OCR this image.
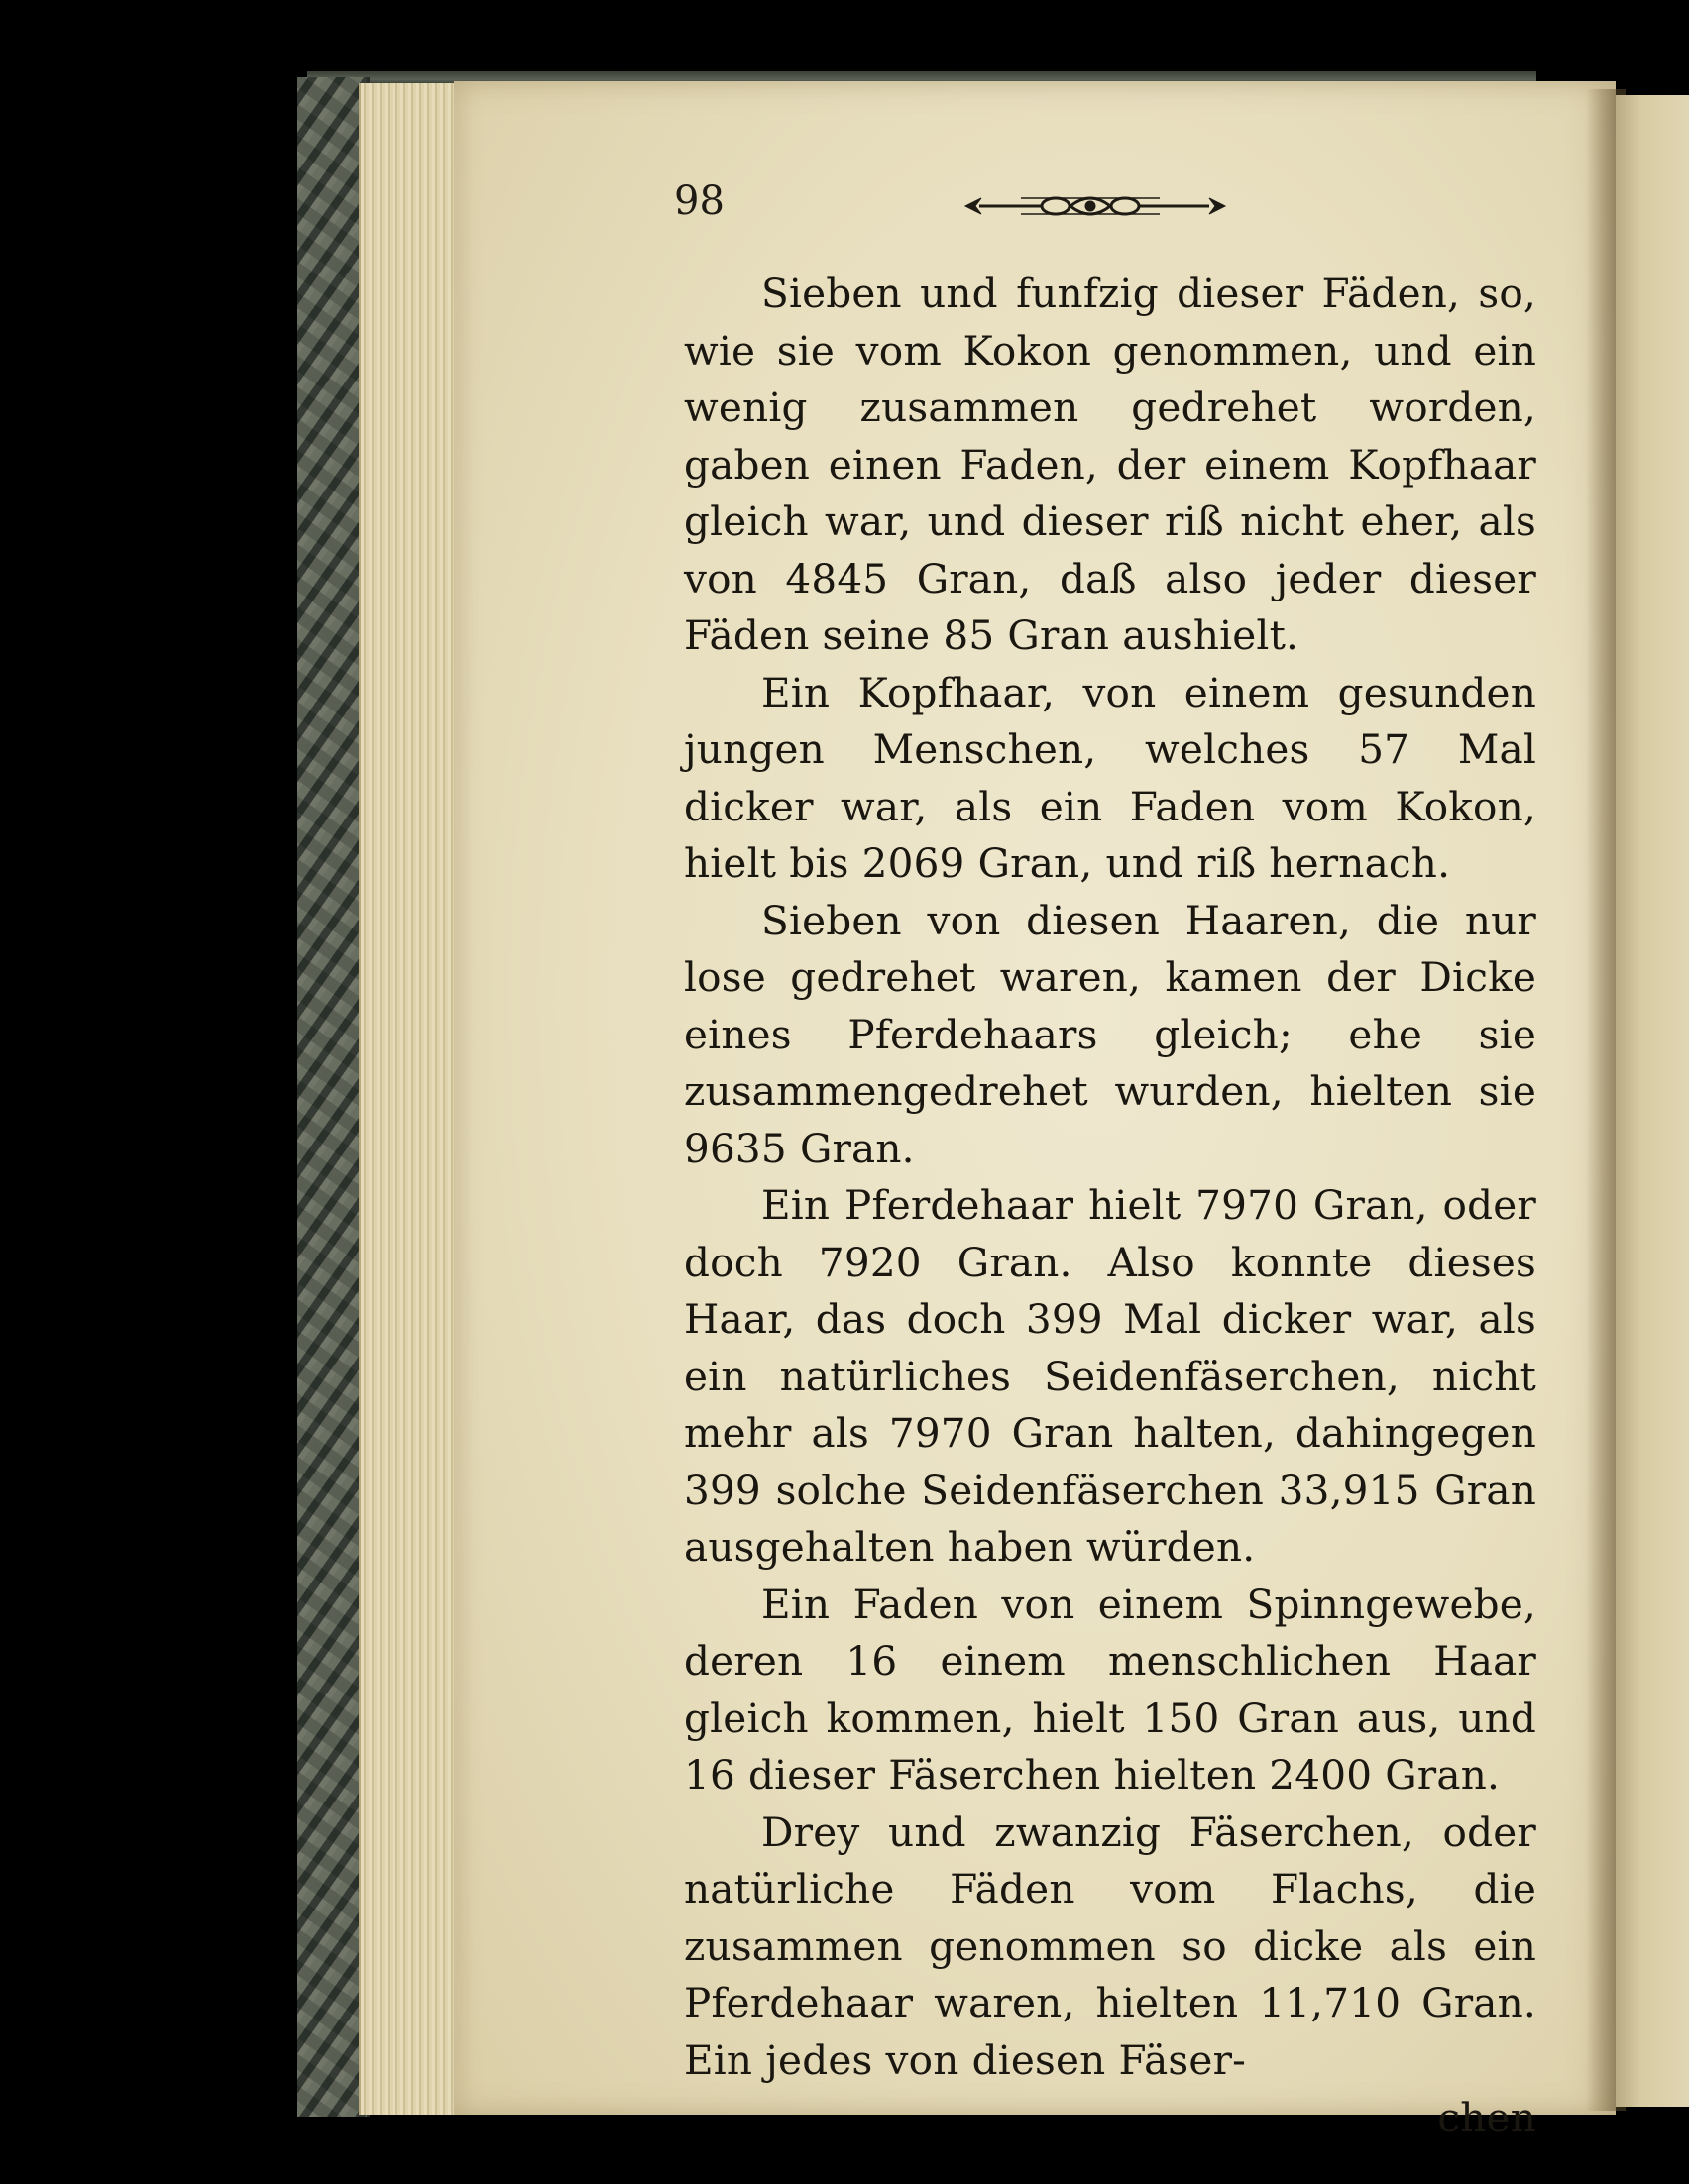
98

Sieben und funfzig dieser Fäden, so, wie sie vom Kokon genommen, und ein wenig zusammen gedrehet worden, gaben einen Faden, der einem Kopfhaar gleich war, und dieser riß nicht eher, als von 4845 Gran, daß also jeder dieser Fäden seine 85 Gran aushielt.

Ein Kopfhaar, von einem gesunden jungen Menschen, welches 57 Mal dicker war, als ein Faden vom Kokon, hielt bis 2069 Gran, und riß hernach.

Sieben von diesen Haaren, die nur lose gedrehet waren, kamen der Dicke eines Pferdehaars gleich; ehe sie zusammengedrehet wurden, hielten sie 9635 Gran.

Ein Pferdehaar hielt 7970 Gran, oder doch 7920 Gran. Also konnte dieses Haar, das doch 399 Mal dicker war, als ein natürliches Seidenfäserchen, nicht mehr als 7970 Gran halten, dahingegen 399 solche Seidenfäserchen 33,915 Gran ausgehalten haben würden.

Ein Faden von einem Spinngewebe, deren 16 einem menschlichen Haar gleich kommen, hielt 150 Gran aus, und 16 dieser Fäserchen hielten 2400 Gran.

Drey und zwanzig Fäserchen, oder natürliche Fäden vom Flachs, die zusammen genommen so dicke als ein Pferdehaar waren, hielten 11,710 Gran. Ein jedes von diesen Fäser-

chen
